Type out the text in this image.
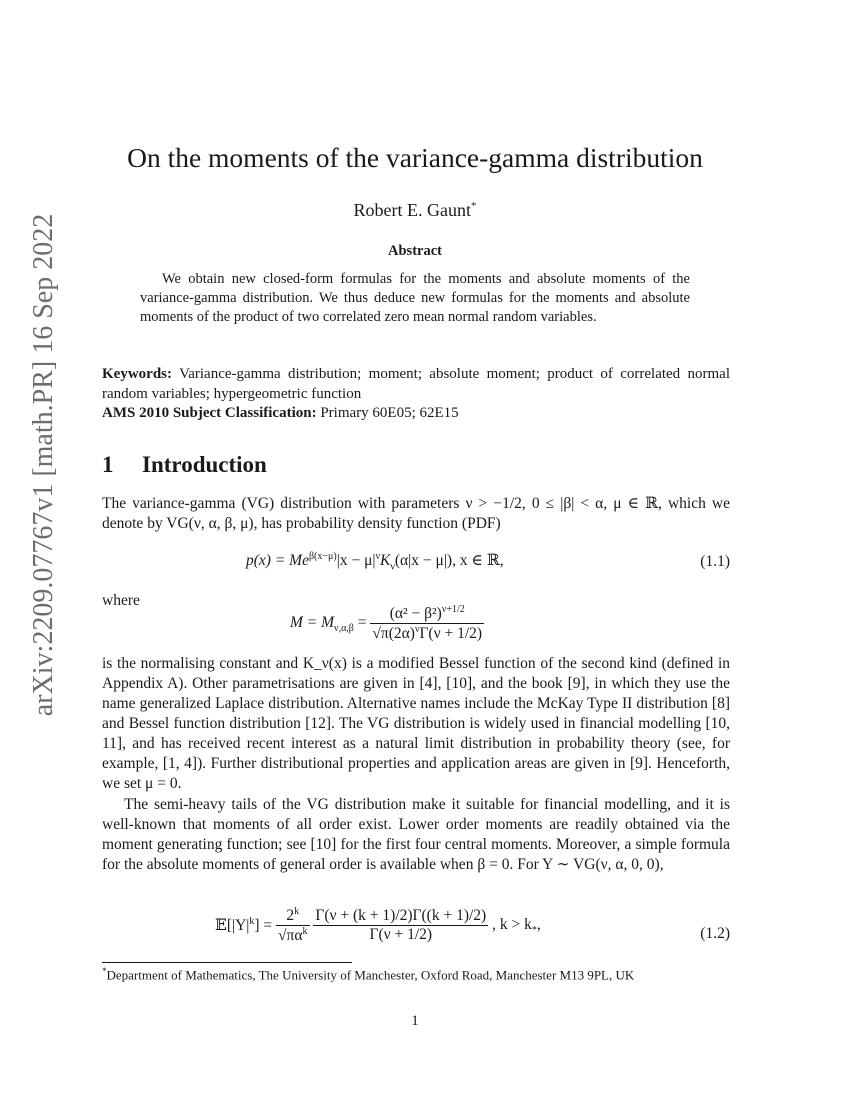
arXiv:2209.07767v1 [math.PR] 16 Sep 2022
On the moments of the variance-gamma distribution
Robert E. Gaunt*
Abstract
We obtain new closed-form formulas for the moments and absolute moments of the variance-gamma distribution. We thus deduce new formulas for the moments and absolute moments of the product of two correlated zero mean normal random variables.
Keywords: Variance-gamma distribution; moment; absolute moment; product of correlated normal random variables; hypergeometric function
AMS 2010 Subject Classification: Primary 60E05; 62E15
1 Introduction
The variance-gamma (VG) distribution with parameters ν > −1/2, 0 ≤ |β| < α, μ ∈ ℝ, which we denote by VG(ν, α, β, μ), has probability density function (PDF)
$p(x) = Me^{\beta(x-\mu)}|x - \mu|^\nu K_\nu(\alpha|x - \mu|)$, x ∈ ℝ,	(1.1)
where
$M = M_{\nu,\alpha,\beta} = \frac{(\alpha^2 - \beta^2)^{\nu+1/2}}{√\pi(2\alpha)^\nu\Gamma(\nu + 1/2)}$
is the normalising constant and K_ν(x) is a modified Bessel function of the second kind (defined in Appendix A). Other parametrisations are given in [4], [10], and the book [9], in which they use the name generalized Laplace distribution. Alternative names include the McKay Type II distribution [8] and Bessel function distribution [12]. The VG distribution is widely used in financial modelling [10, 11], and has received recent interest as a natural limit distribution in probability theory (see, for example, [1, 4]). Further distributional properties and application areas are given in [9]. Henceforth, we set μ = 0.
The semi-heavy tails of the VG distribution make it suitable for financial modelling, and it is well-known that moments of all order exist. Lower order moments are readily obtained via the moment generating function; see [10] for the first four central moments. Moreover, a simple formula for the absolute moments of general order is available when β = 0. For Y ∼ VG(ν, α, 0, 0),
$𝔼[|Y|^k] = \frac{2^k}{√\pi\alpha^k}$
$\frac{\Gamma(\nu + (k + 1)/2)\Gamma((k + 1)/2)}{\Gamma(\nu + 1/2)}$ , $k > k_*$,
(1.2)
*Department of Mathematics, The University of Manchester, Oxford Road, Manchester M13 9PL, UK
1
